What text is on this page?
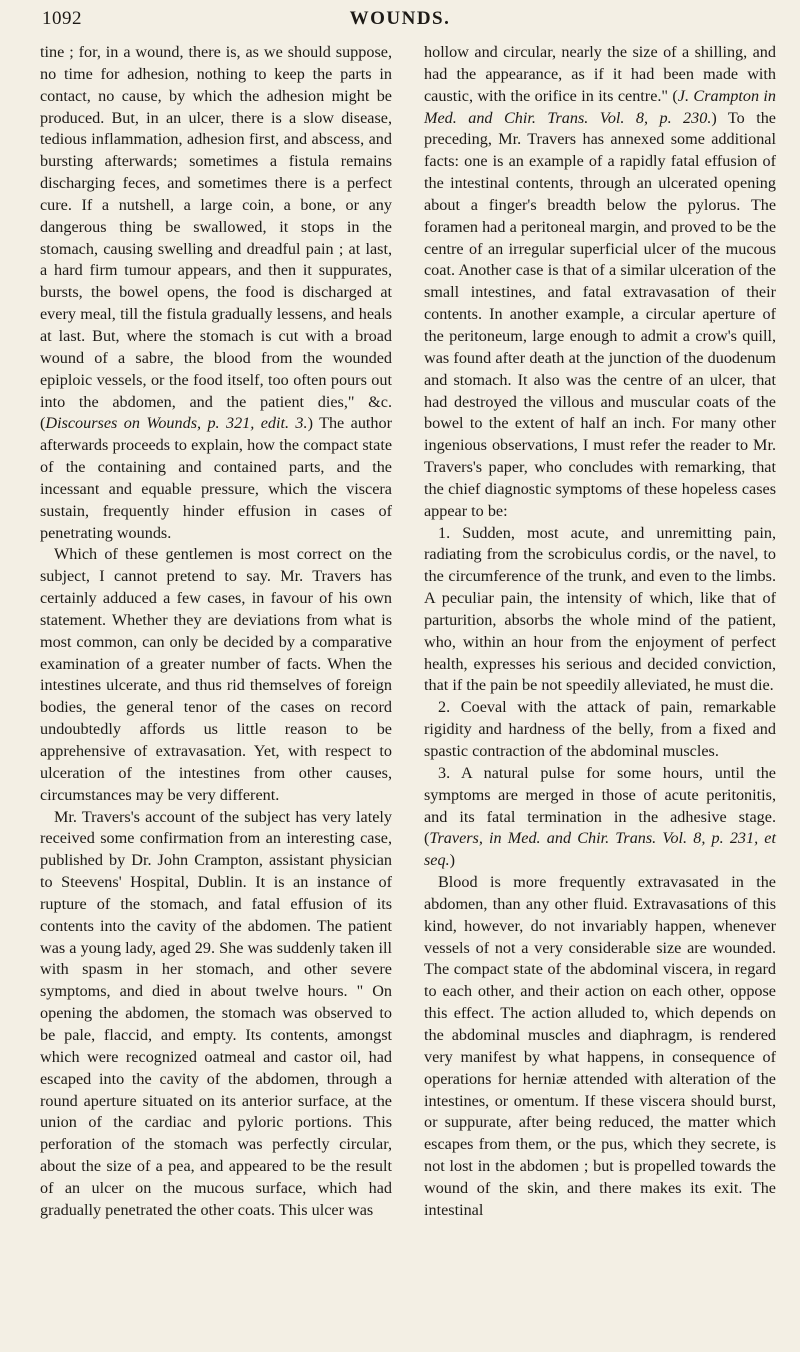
1092	WOUNDS.

tine ; for, in a wound, there is, as we should suppose, no time for adhesion, nothing to keep the parts in contact, no cause, by which the adhesion might be produced. But, in an ulcer, there is a slow disease, tedious inflammation, adhesion first, and abscess, and bursting afterwards; sometimes a fistula remains discharging feces, and sometimes there is a perfect cure. If a nutshell, a large coin, a bone, or any dangerous thing be swallowed, it stops in the stomach, causing swelling and dreadful pain ; at last, a hard firm tumour appears, and then it suppurates, bursts, the bowel opens, the food is discharged at every meal, till the fistula gradually lessens, and heals at last. But, where the stomach is cut with a broad wound of a sabre, the blood from the wounded epiploic vessels, or the food itself, too often pours out into the abdomen, and the patient dies," &c. (Discourses on Wounds, p. 321, edit. 3.) The author afterwards proceeds to explain, how the compact state of the containing and contained parts, and the incessant and equable pressure, which the viscera sustain, frequently hinder effusion in cases of penetrating wounds.

Which of these gentlemen is most correct on the subject, I cannot pretend to say. Mr. Travers has certainly adduced a few cases, in favour of his own statement. Whether they are deviations from what is most common, can only be decided by a comparative examination of a greater number of facts. When the intestines ulcerate, and thus rid themselves of foreign bodies, the general tenor of the cases on record undoubtedly affords us little reason to be apprehensive of extravasation. Yet, with respect to ulceration of the intestines from other causes, circumstances may be very different.

Mr. Travers's account of the subject has very lately received some confirmation from an interesting case, published by Dr. John Crampton, assistant physician to Steevens' Hospital, Dublin. It is an instance of rupture of the stomach, and fatal effusion of its contents into the cavity of the abdomen. The patient was a young lady, aged 29. She was suddenly taken ill with spasm in her stomach, and other severe symptoms, and died in about twelve hours. " On opening the abdomen, the stomach was observed to be pale, flaccid, and empty. Its contents, amongst which were recognized oatmeal and castor oil, had escaped into the cavity of the abdomen, through a round aperture situated on its anterior surface, at the union of the cardiac and pyloric portions. This perforation of the stomach was perfectly circular, about the size of a pea, and appeared to be the result of an ulcer on the mucous surface, which had gradually penetrated the other coats. This ulcer was

hollow and circular, nearly the size of a shilling, and had the appearance, as if it had been made with caustic, with the orifice in its centre." (J. Crampton in Med. and Chir. Trans. Vol. 8, p. 230.) To the preceding, Mr. Travers has annexed some additional facts: one is an example of a rapidly fatal effusion of the intestinal contents, through an ulcerated opening about a finger's breadth below the pylorus. The foramen had a peritoneal margin, and proved to be the centre of an irregular superficial ulcer of the mucous coat. Another case is that of a similar ulceration of the small intestines, and fatal extravasation of their contents. In another example, a circular aperture of the peritoneum, large enough to admit a crow's quill, was found after death at the junction of the duodenum and stomach. It also was the centre of an ulcer, that had destroyed the villous and muscular coats of the bowel to the extent of half an inch. For many other ingenious observations, I must refer the reader to Mr. Travers's paper, who concludes with remarking, that the chief diagnostic symptoms of these hopeless cases appear to be:

1. Sudden, most acute, and unremitting pain, radiating from the scrobiculus cordis, or the navel, to the circumference of the trunk, and even to the limbs. A peculiar pain, the intensity of which, like that of parturition, absorbs the whole mind of the patient, who, within an hour from the enjoyment of perfect health, expresses his serious and decided conviction, that if the pain be not speedily alleviated, he must die.

2. Coeval with the attack of pain, remarkable rigidity and hardness of the belly, from a fixed and spastic contraction of the abdominal muscles.

3. A natural pulse for some hours, until the symptoms are merged in those of acute peritonitis, and its fatal termination in the adhesive stage. (Travers, in Med. and Chir. Trans. Vol. 8, p. 231, et seq.)

Blood is more frequently extravasated in the abdomen, than any other fluid. Extravasations of this kind, however, do not invariably happen, whenever vessels of not a very considerable size are wounded. The compact state of the abdominal viscera, in regard to each other, and their action on each other, oppose this effect. The action alluded to, which depends on the abdominal muscles and diaphragm, is rendered very manifest by what happens, in consequence of operations for herniæ attended with alteration of the intestines, or omentum. If these viscera should burst, or suppurate, after being reduced, the matter which escapes from them, or the pus, which they secrete, is not lost in the abdomen ; but is propelled towards the wound of the skin, and there makes its exit. The intestinal
